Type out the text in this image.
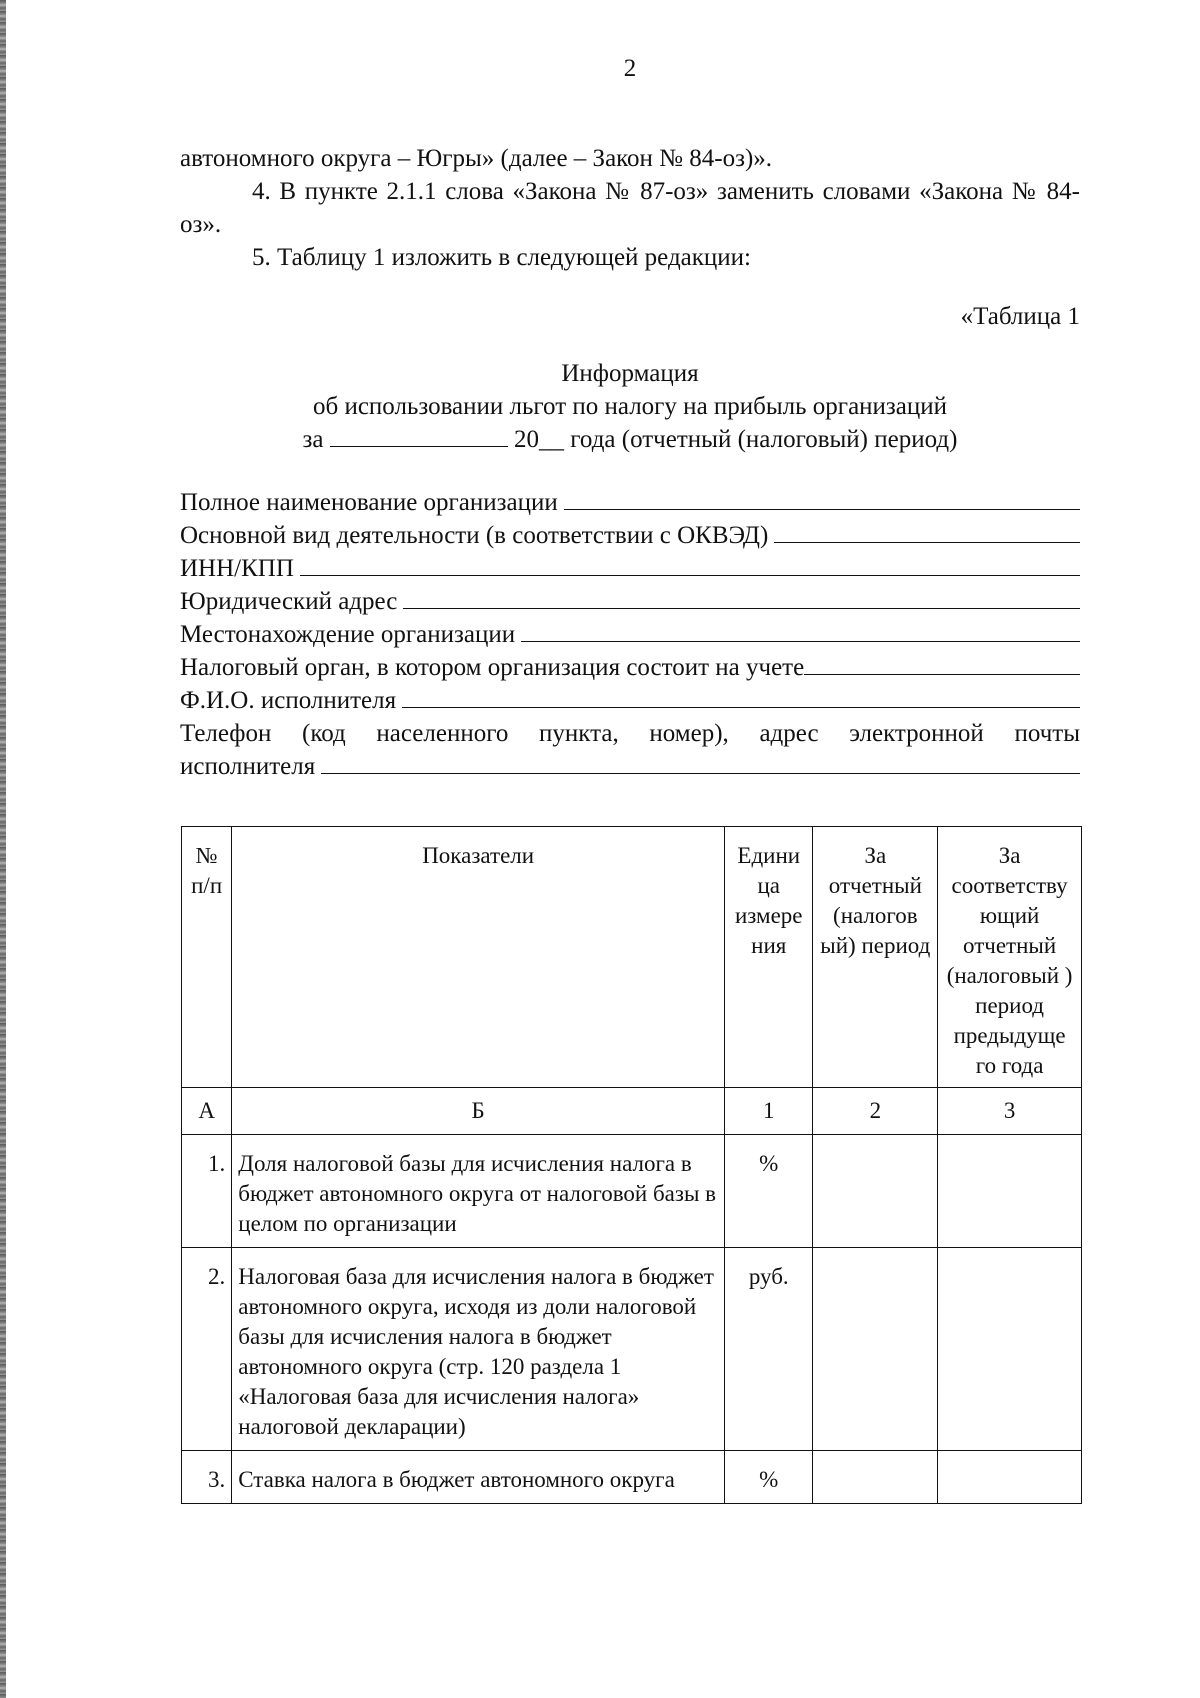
2

автономного округа – Югры» (далее – Закон № 84-оз)».

4. В пункте 2.1.1 слова «Закона № 87-оз» заменить словами «Закона № 84-оз».

5. Таблицу 1 изложить в следующей редакции:

«Таблица 1

Информация

об использовании льгот по налогу на прибыль организаций

за	20__ года (отчетный (налоговый) период)

Полное наименование организации
Основной вид деятельности (в соответствии с ОКВЭД)
ИНН/КПП
Юридический адрес
Местонахождение организации
Налоговый орган, в котором организация состоит на учете
Ф.И.О. исполнителя

Телефон (код населенного пункта, номер), адрес электронной почты

исполнителя
№ п/п	Показатели	Едини ца измере ния	За отчетный (налогов ый) период	За соответству ющий отчетный (налоговый ) период предыдуще го года
А	Б	1	2	3
1.	Доля налоговой базы для исчисления налога в бюджет автономного округа от налоговой базы в целом по организации	%		
2.	Налоговая база для исчисления налога в бюджет автономного округа, исходя из доли налоговой базы для исчисления налога в бюджет автономного округа (стр. 120 раздела 1 «Налоговая база для исчисления налога» налоговой декларации)	руб.		
3.	Ставка налога в бюджет автономного округа	%		
